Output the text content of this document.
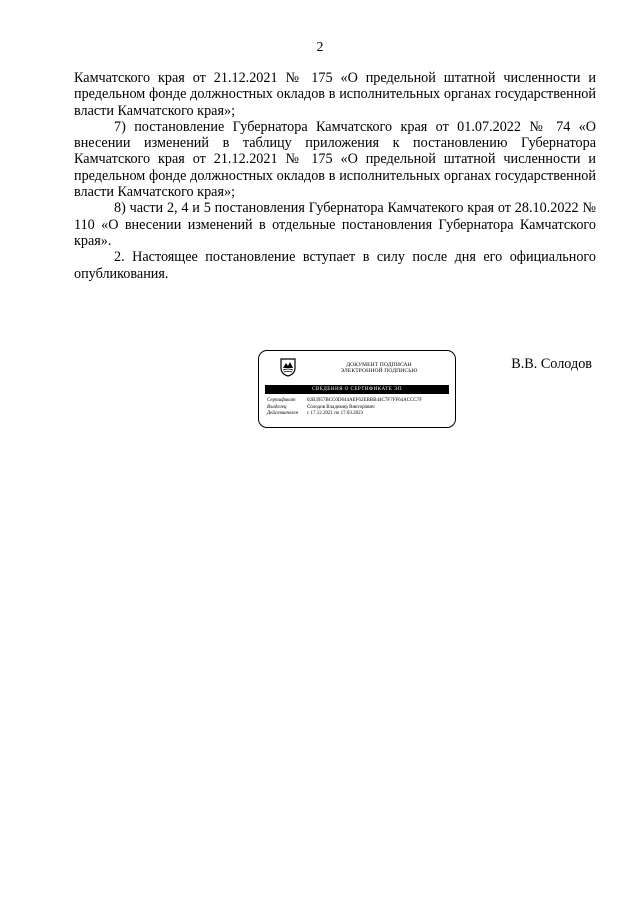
2

Камчатского края от 21.12.2021 № 175 «О предельной штатной численности и предельном фонде должностных окладов в исполнительных органах государственной власти Камчатского края»;

7) постановление Губернатора Камчатского края от 01.07.2022 № 74 «О внесении изменений в таблицу приложения к постановлению Губернатора Камчатского края от 21.12.2021 № 175 «О предельной штатной численности и предельном фонде должностных окладов в исполнительных органах государственной власти Камчатского края»;

8) части 2, 4 и 5 постановления Губернатора Камчатекого края от 28.10.2022 № 110 «О внесении изменений в отдельные постановления Губернатора Камчатского края».

2. Настоящее постановление вступает в силу после дня его официального опубликования.

ДОКУМЕНТ ПОДПИСАН
ЭЛЕКТРОННОЙ ПОДПИСЬЮ
СВЕДЕНИЯ О СЕРТИФИКАТЕ ЭП
Сертификат	02B3957BCC0D644AEF62EBBB44C7F7FF64ACCC7F
Владелец	Солодов Владимир Викторович
Действителен	с 17.12.2021 по 17.03.2023
В.В. Солодов
